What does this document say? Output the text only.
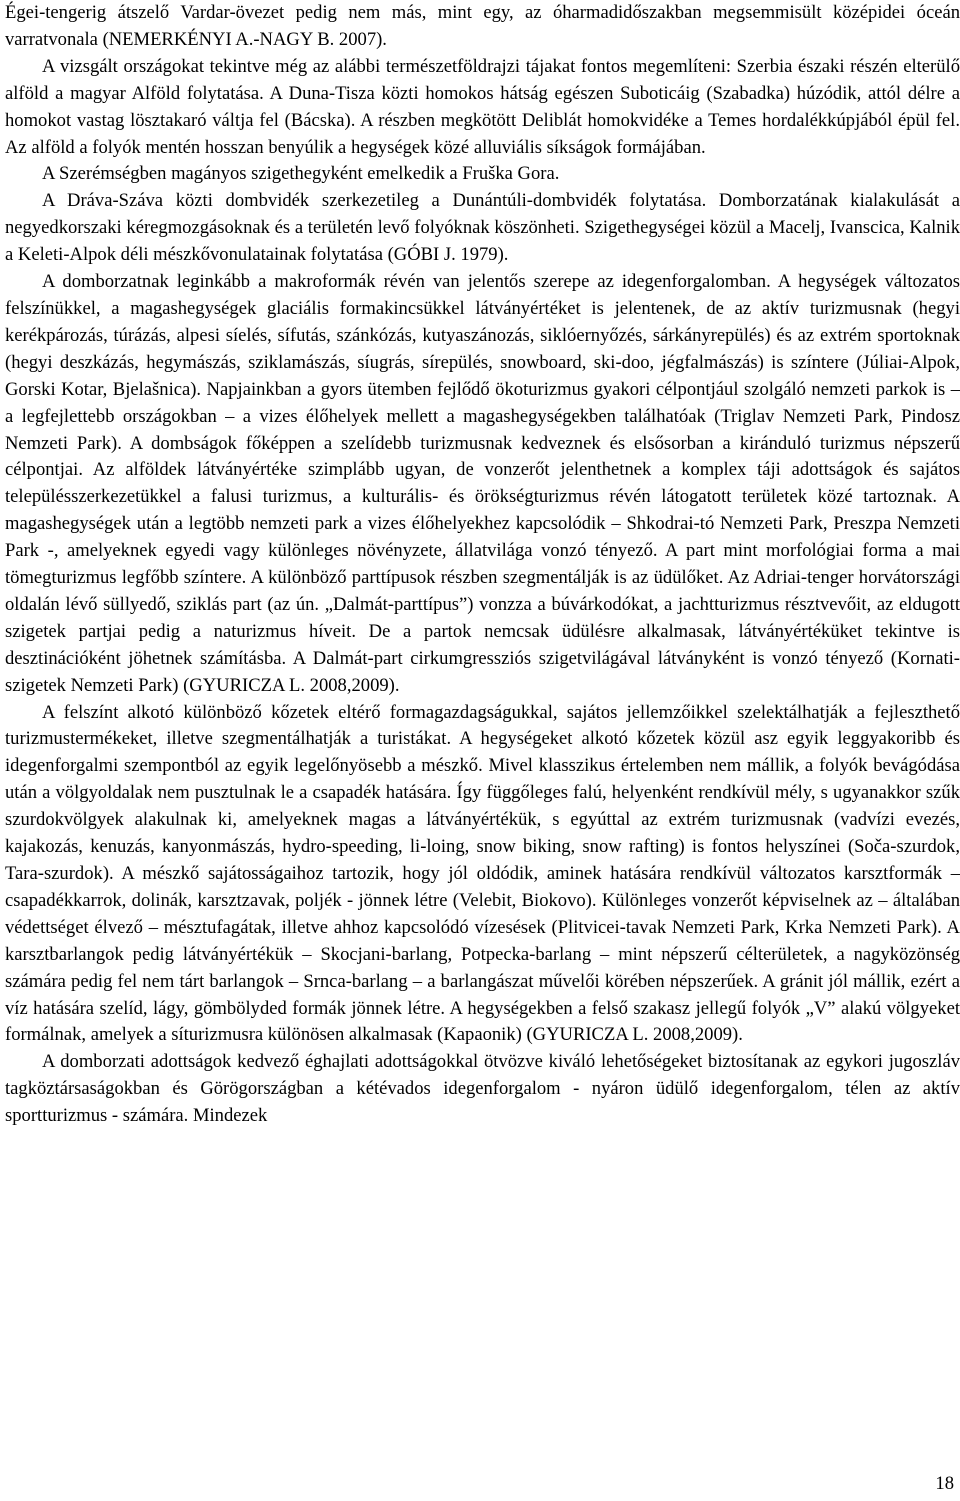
Égei-tengerig átszelő Vardar-övezet pedig nem más, mint egy, az óharmadidőszakban megsemmisült középidei óceán varratvonala (NEMERKÉNYI A.-NAGY B. 2007).

A vizsgált országokat tekintve még az alábbi természetföldrajzi tájakat fontos megemlíteni: Szerbia északi részén elterülő alföld a magyar Alföld folytatása. A Duna-Tisza közti homokos hátság egészen Suboticáig (Szabadka) húzódik, attól délre a homokot vastag lösztakaró váltja fel (Bácska). A részben megkötött Deliblát homokvidéke a Temes hordalékkúpjából épül fel. Az alföld a folyók mentén hosszan benyúlik a hegységek közé alluviális síkságok formájában.

A Szerémségben magányos szigethegyként emelkedik a Fruška Gora.

A Dráva-Száva közti dombvidék szerkezetileg a Dunántúli-dombvidék folytatása. Domborzatának kialakulását a negyedkorszaki kéregmozgásoknak és a területén levő folyóknak köszönheti. Szigethegységei közül a Macelj, Ivanscica, Kalnik a Keleti-Alpok déli mészkővonulatainak folytatása (GÓBI J. 1979).

A domborzatnak leginkább a makroformák révén van jelentős szerepe az idegenforgalomban. A hegységek változatos felszínükkel, a magashegységek glaciális formakincsükkel látványértéket is jelentenek, de az aktív turizmusnak (hegyi kerékpározás, túrázás, alpesi síelés, sífutás, szánkózás, kutyaszánozás, siklóernyőzés, sárkányrepülés) és az extrém sportoknak (hegyi deszkázás, hegymászás, sziklamászás, síugrás, sírepülés, snowboard, ski-doo, jégfalmászás) is színtere (Júliai-Alpok, Gorski Kotar, Bjelašnica). Napjainkban a gyors ütemben fejlődő ökoturizmus gyakori célpontjául szolgáló nemzeti parkok is – a legfejlettebb országokban – a vizes élőhelyek mellett a magashegységekben találhatóak (Triglav Nemzeti Park, Pindosz Nemzeti Park). A dombságok főképpen a szelídebb turizmusnak kedveznek és elsősorban a kiránduló turizmus népszerű célpontjai. Az alföldek látványértéke szimplább ugyan, de vonzerőt jelenthetnek a komplex táji adottságok és sajátos településszerkezetükkel a falusi turizmus, a kulturális- és örökségturizmus révén látogatott területek közé tartoznak. A magashegységek után a legtöbb nemzeti park a vizes élőhelyekhez kapcsolódik – Shkodrai-tó Nemzeti Park, Preszpa Nemzeti Park -, amelyeknek egyedi vagy különleges növényzete, állatvilága vonzó tényező. A part mint morfológiai forma a mai tömegturizmus legfőbb színtere. A különböző parttípusok részben szegmentálják is az üdülőket. Az Adriai-tenger horvátországi oldalán lévő süllyedő, sziklás part (az ún. „Dalmát-parttípus”) vonzza a búvárkodókat, a jachtturizmus résztvevőit, az eldugott szigetek partjai pedig a naturizmus híveit. De a partok nemcsak üdülésre alkalmasak, látványértéküket tekintve is desztinációként jöhetnek számításba. A Dalmát-part cirkumgressziós szigetvilágával látványként is vonzó tényező (Kornati-szigetek Nemzeti Park) (GYURICZA L. 2008,2009).

A felszínt alkotó különböző kőzetek eltérő formagazdagságukkal, sajátos jellemzőikkel szelektálhatják a fejleszthető turizmustermékeket, illetve szegmentálhatják a turistákat. A hegységeket alkotó kőzetek közül asz egyik leggyakoribb és idegenforgalmi szempontból az egyik legelőnyösebb a mészkő. Mivel klasszikus értelemben nem mállik, a folyók bevágódása után a völgyoldalak nem pusztulnak le a csapadék hatására. Így függőleges falú, helyenként rendkívül mély, s ugyanakkor szűk szurdokvölgyek alakulnak ki, amelyeknek magas a látványértékük, s egyúttal az extrém turizmusnak (vadvízi evezés, kajakozás, kenuzás, kanyonmászás, hydro-speeding, li-loing, snow biking, snow rafting) is fontos helyszínei (Soča-szurdok, Tara-szurdok). A mészkő sajátosságaihoz tartozik, hogy jól oldódik, aminek hatására rendkívül változatos karsztformák – csapadékkarrok, dolinák, karsztzavak, poljék - jönnek létre (Velebit, Biokovo). Különleges vonzerőt képviselnek az – általában védettséget élvező – mésztufagátak, illetve ahhoz kapcsolódó vízesések (Plitvicei-tavak Nemzeti Park, Krka Nemzeti Park). A karsztbarlangok pedig látványértékük – Skocjani-barlang, Potpecka-barlang – mint népszerű célterületek, a nagyközönség számára pedig fel nem tárt barlangok – Srnca-barlang – a barlangászat művelői körében népszerűek. A gránit jól mállik, ezért a víz hatására szelíd, lágy, gömbölyded formák jönnek létre. A hegységekben a felső szakasz jellegű folyók „V” alakú völgyeket formálnak, amelyek a síturizmusra különösen alkalmasak (Kapaonik) (GYURICZA L. 2008,2009).

A domborzati adottságok kedvező éghajlati adottságokkal ötvözve kiváló lehetőségeket biztosítanak az egykori jugoszláv tagköztársaságokban és Görögországban a kétévados idegenforgalom - nyáron üdülő idegenforgalom, télen az aktív sportturizmus - számára. Mindezek

18
